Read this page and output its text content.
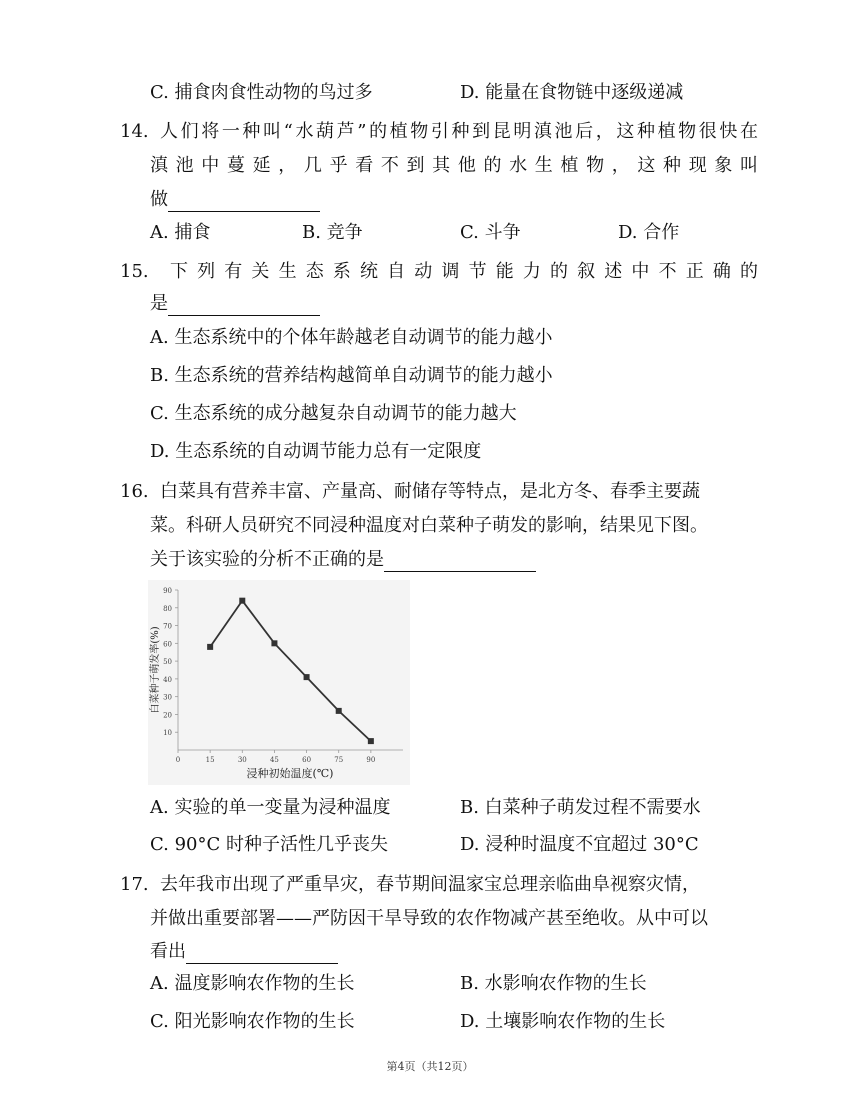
C. 捕食肉食性动物的鸟过多	D. 能量在食物链中逐级递减
14. 人们将一种叫“水葫芦”的植物引种到昆明滇池后，这种植物很快在
滇池中蔓延，几乎看不到其他的水生植物，这种现象叫
做
A. 捕食	B. 竞争	C. 斗争	D. 合作
15. 下列有关生态系统自动调节能力的叙述中不正确的
是
A. 生态系统中的个体年龄越老自动调节的能力越小
B. 生态系统的营养结构越简单自动调节的能力越小
C. 生态系统的成分越复杂自动调节的能力越大
D. 生态系统的自动调节能力总有一定限度
16. 白菜具有营养丰富、产量高、耐储存等特点，是北方冬、春季主要蔬
菜。科研人员研究不同浸种温度对白菜种子萌发的影响，结果见下图。
关于该实验的分析不正确的是
10
20
30
40
50
60
70
80
90
0	15	30	45	60	75	90
浸种初始温度(℃)
白菜种子萌发率(%)
A. 实验的单一变量为浸种温度	B. 白菜种子萌发过程不需要水
C. 90°C 时种子活性几乎丧失	D. 浸种时温度不宜超过 30°C
17. 去年我市出现了严重旱灾，春节期间温家宝总理亲临曲阜视察灾情，
并做出重要部署——严防因干旱导致的农作物减产甚至绝收。从中可以
看出
A. 温度影响农作物的生长	B. 水影响农作物的生长
C. 阳光影响农作物的生长	D. 土壤影响农作物的生长
第4页（共12页）
